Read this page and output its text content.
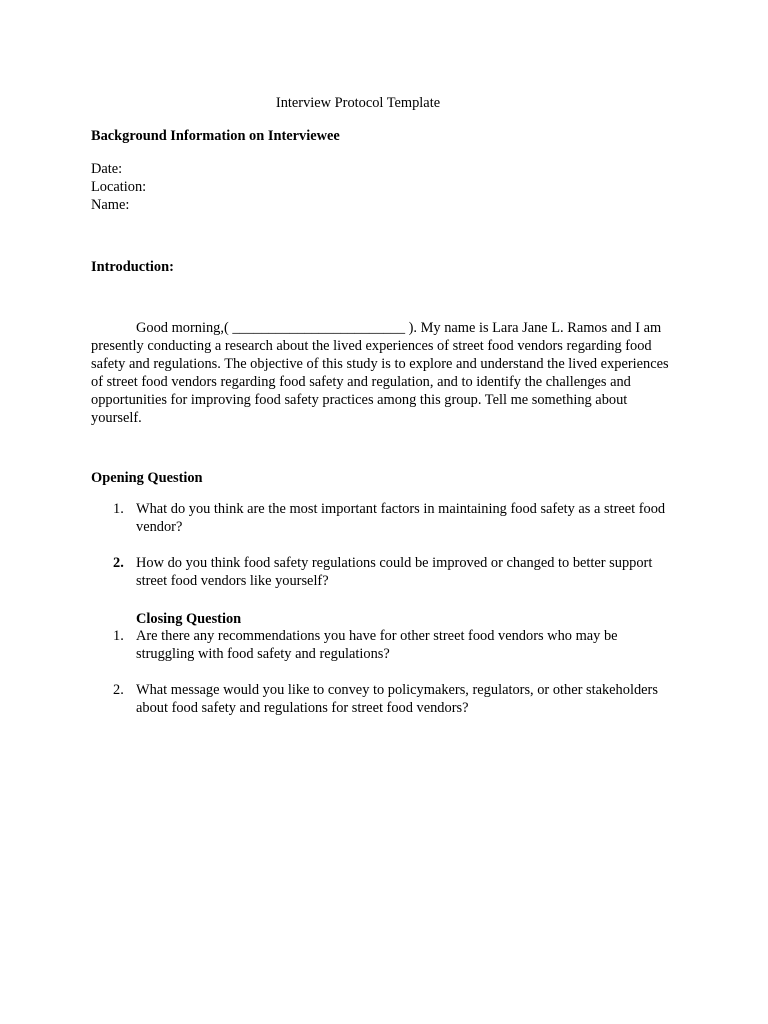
Interview Protocol Template

Background Information on Interviewee

Date:

Location:

Name:

Introduction:

Good morning,( ________________________ ). My name is Lara Jane L. Ramos and I am presently conducting a research about the lived experiences of street food vendors regarding food safety and regulations. The objective of this study is to explore and understand the lived experiences of street food vendors regarding food safety and regulation, and to identify the challenges and opportunities for improving food safety practices among this group. Tell me something about yourself.

Opening Question

1. What do you think are the most important factors in maintaining food safety as a street food vendor?
2. How do you think food safety regulations could be improved or changed to better support street food vendors like yourself?

Closing Question

1. Are there any recommendations you have for other street food vendors who may be struggling with food safety and regulations?
2. What message would you like to convey to policymakers, regulators, or other stakeholders about food safety and regulations for street food vendors?
